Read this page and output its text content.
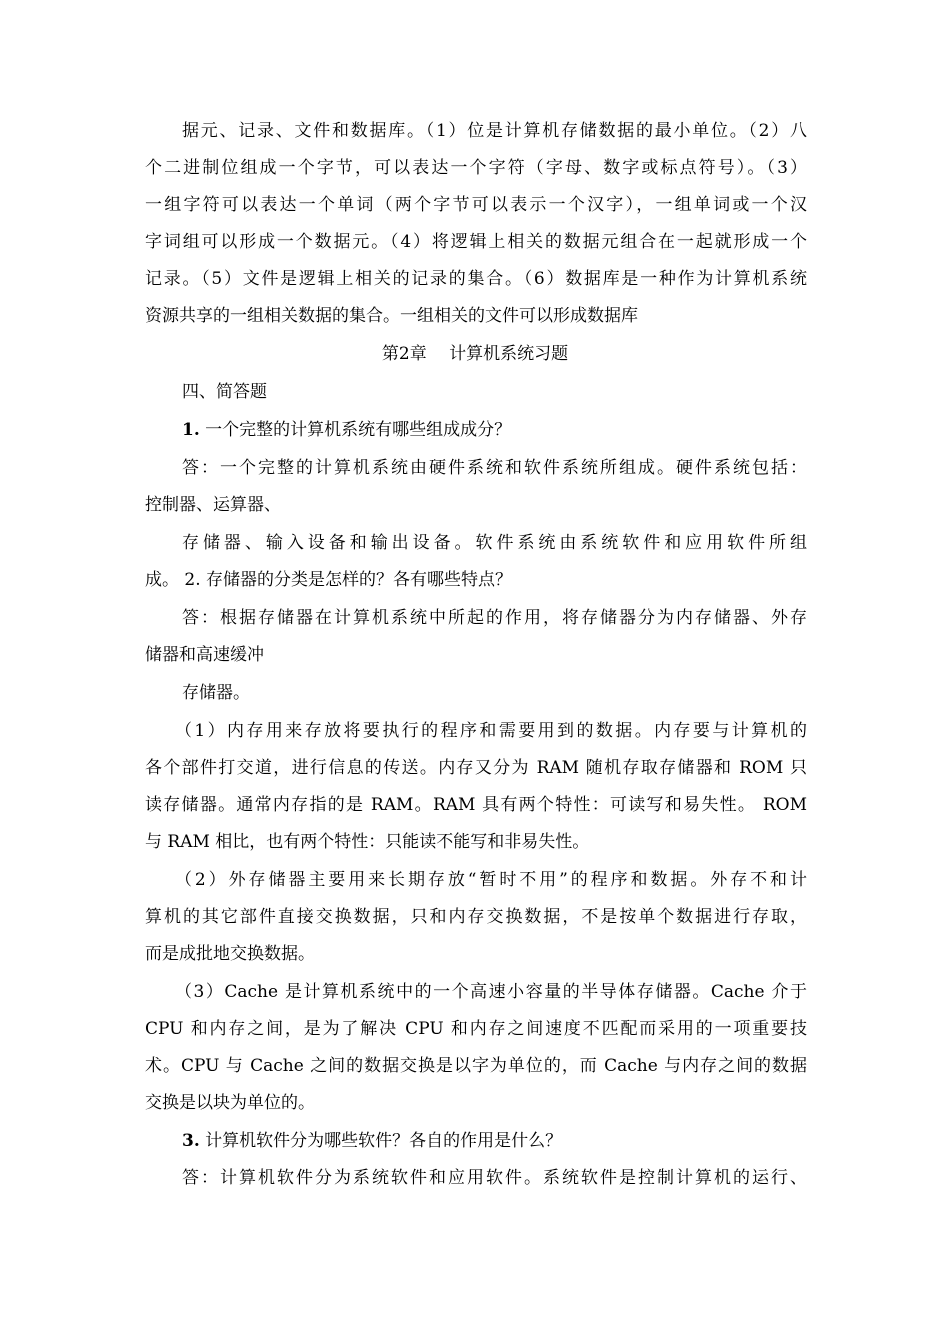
据元、记录、文件和数据库。（1）位是计算机存储数据的最小单位。（2）八
个二进制位组成一个字节，可以表达一个字符（字母、数字或标点符号）。（3）
一组字符可以表达一个单词（两个字节可以表示一个汉字），一组单词或一个汉
字词组可以形成一个数据元。（4）将逻辑上相关的数据元组合在一起就形成一个
记录。（5）文件是逻辑上相关的记录的集合。（6）数据库是一种作为计算机系统
资源共享的一组相关数据的集合。一组相关的文件可以形成数据库
第2章　 计算机系统习题
四、简答题
1. 一个完整的计算机系统有哪些组成成分？
答：一个完整的计算机系统由硬件系统和软件系统所组成。硬件系统包括：
控制器、运算器、
存储器、输入设备和输出设备。软件系统由系统软件和应用软件所组
成。 2. 存储器的分类是怎样的？各有哪些特点？
答：根据存储器在计算机系统中所起的作用，将存储器分为内存储器、外存
储器和高速缓冲
存储器。
（1）内存用来存放将要执行的程序和需要用到的数据。内存要与计算机的
各个部件打交道，进行信息的传送。内存又分为 RAM 随机存取存储器和 ROM 只
读存储器。通常内存指的是 RAM。RAM 具有两个特性：可读写和易失性。 ROM
与 RAM 相比，也有两个特性：只能读不能写和非易失性。
（2）外存储器主要用来长期存放“暂时不用”的程序和数据。外存不和计
算机的其它部件直接交换数据，只和内存交换数据，不是按单个数据进行存取，
而是成批地交换数据。
（3）Cache 是计算机系统中的一个高速小容量的半导体存储器。Cache 介于
CPU 和内存之间，是为了解决 CPU 和内存之间速度不匹配而采用的一项重要技
术。CPU 与 Cache 之间的数据交换是以字为单位的，而 Cache 与内存之间的数据
交换是以块为单位的。
3. 计算机软件分为哪些软件？各自的作用是什么？
答：计算机软件分为系统软件和应用软件。系统软件是控制计算机的运行、
